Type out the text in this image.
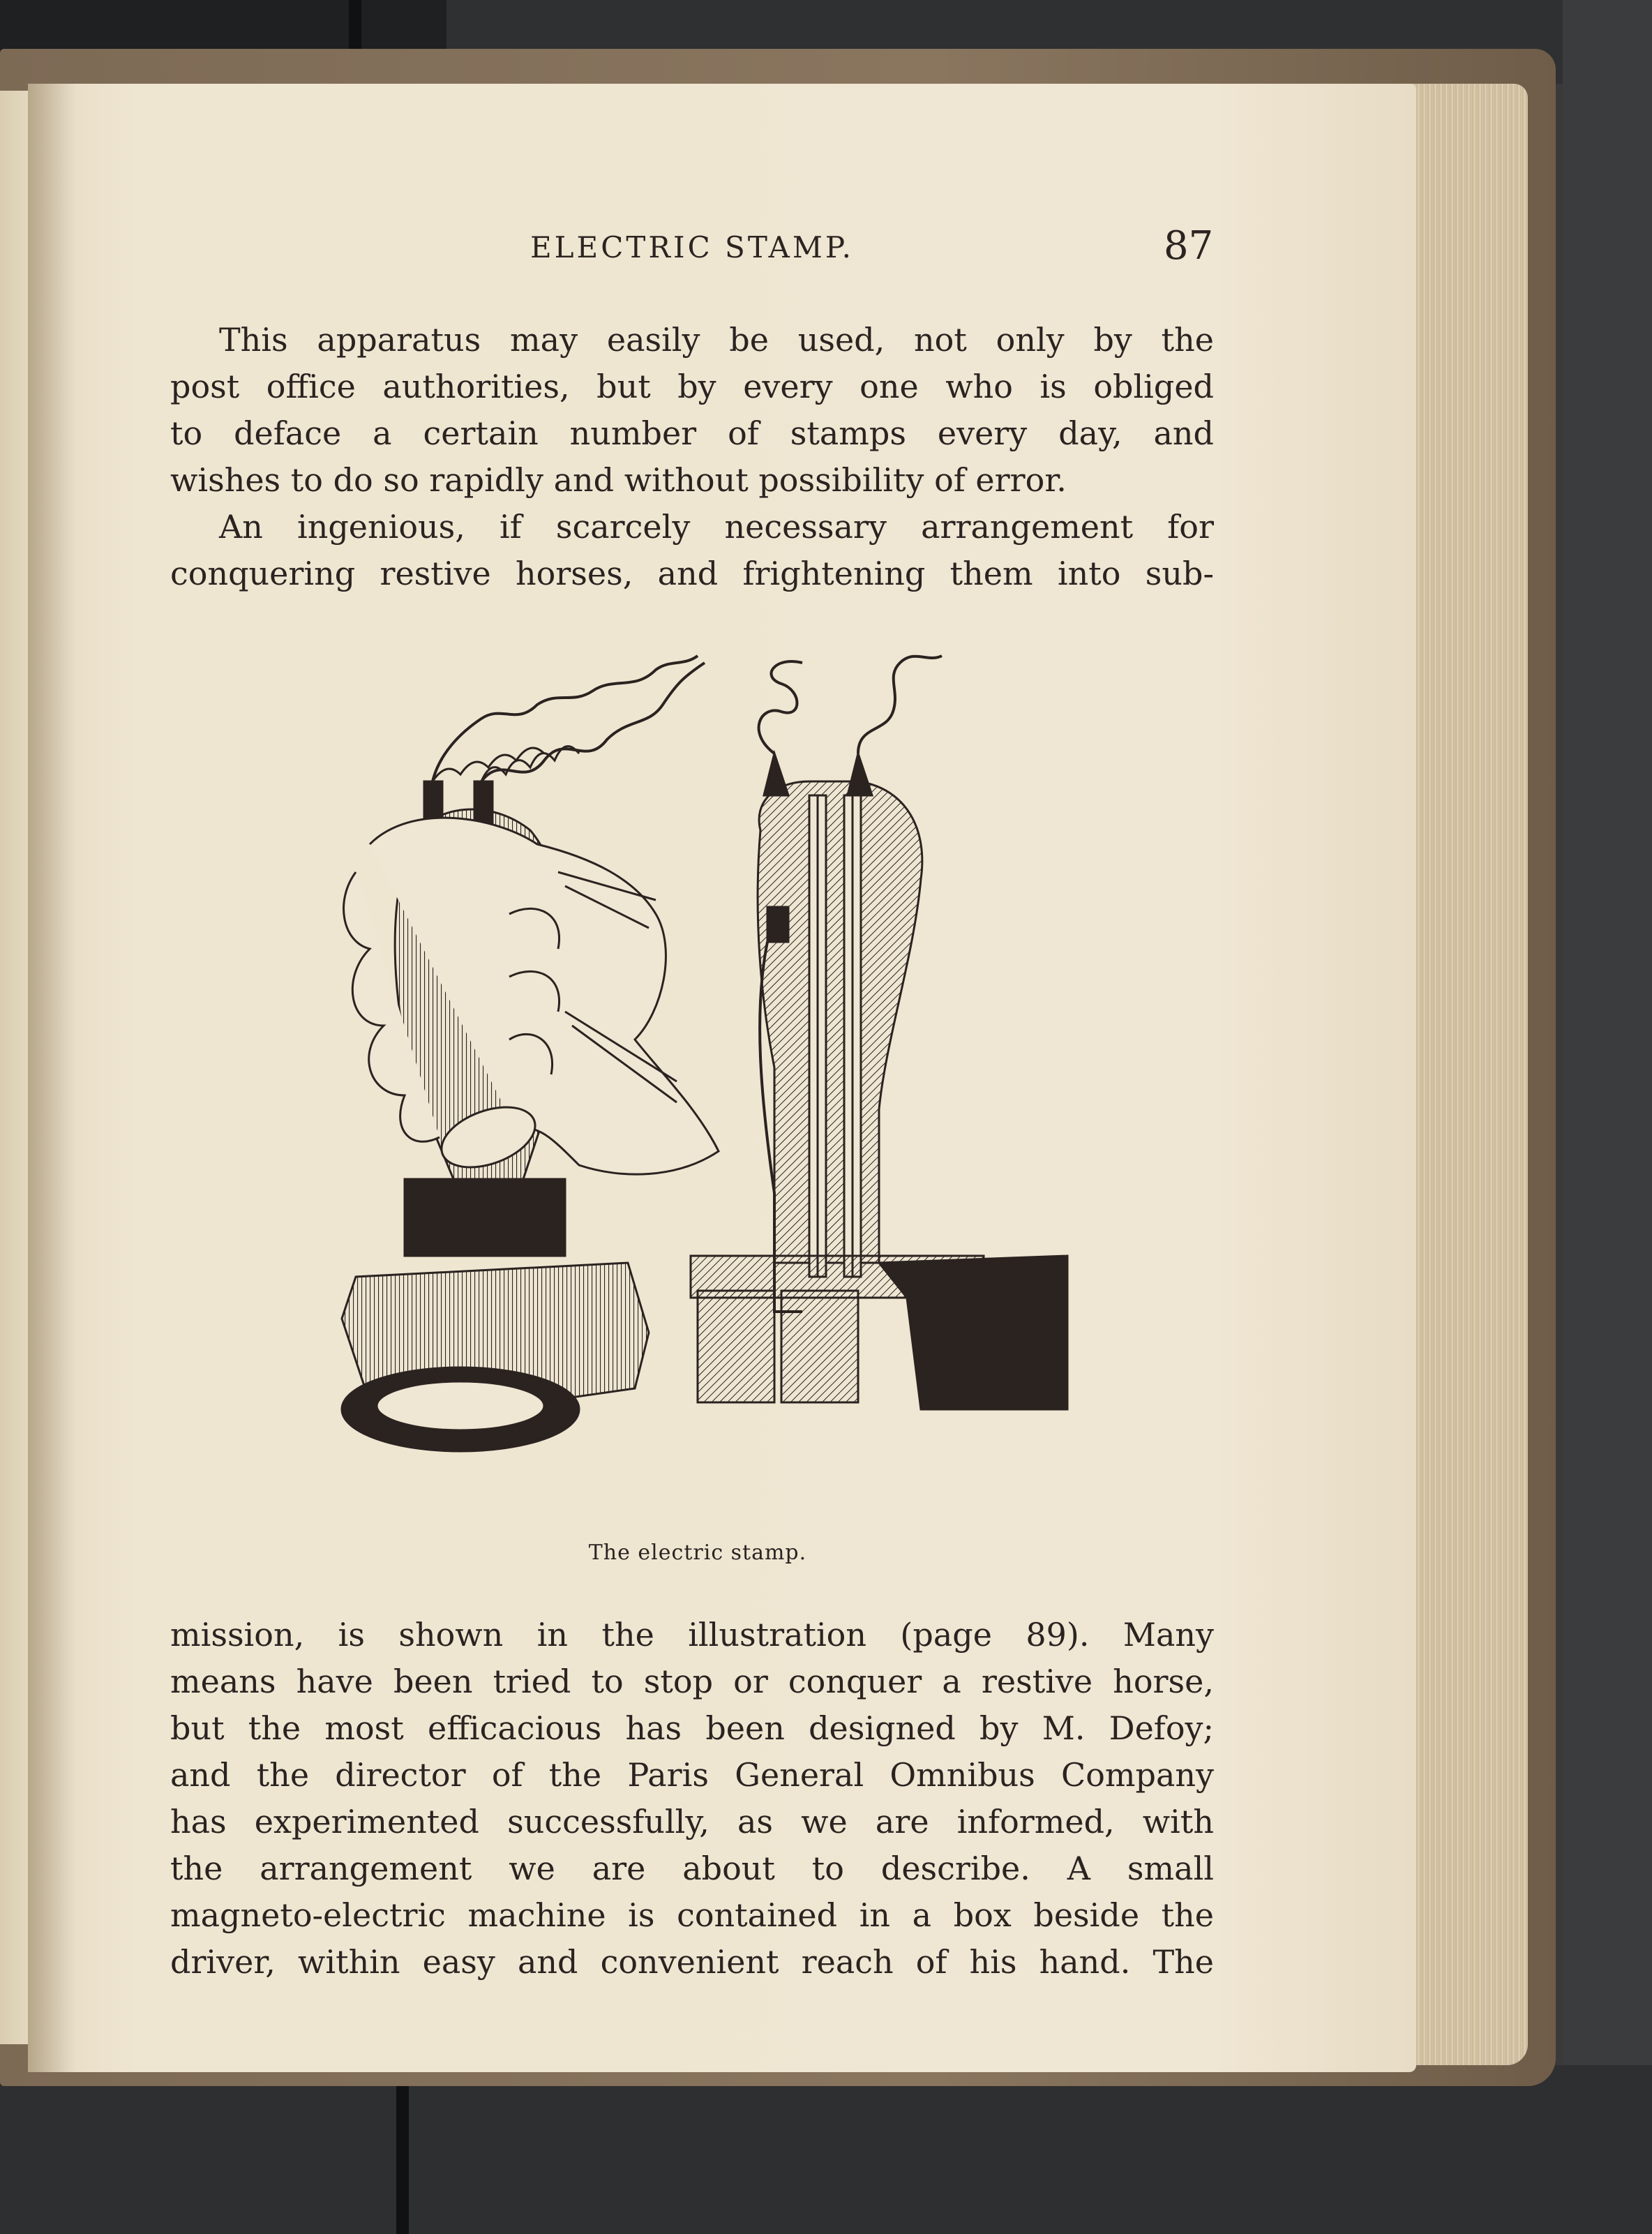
ELECTRIC STAMP.	87

This apparatus may easily be used, not only by the
post office authorities, but by every one who is obliged
to deface a certain number of stamps every day, and
wishes to do so rapidly and without possibility of error.

An ingenious, if scarcely necessary arrangement for
conquering restive horses, and frightening them into sub-

The electric stamp.

mission, is shown in the illustration (page 89). Many
means have been tried to stop or conquer a restive horse,
but the most efficacious has been designed by M. Defoy;
and the director of the Paris General Omnibus Company
has experimented successfully, as we are informed, with
the arrangement we are about to describe. A small
magneto-electric machine is contained in a box beside the
driver, within easy and convenient reach of his hand. The
